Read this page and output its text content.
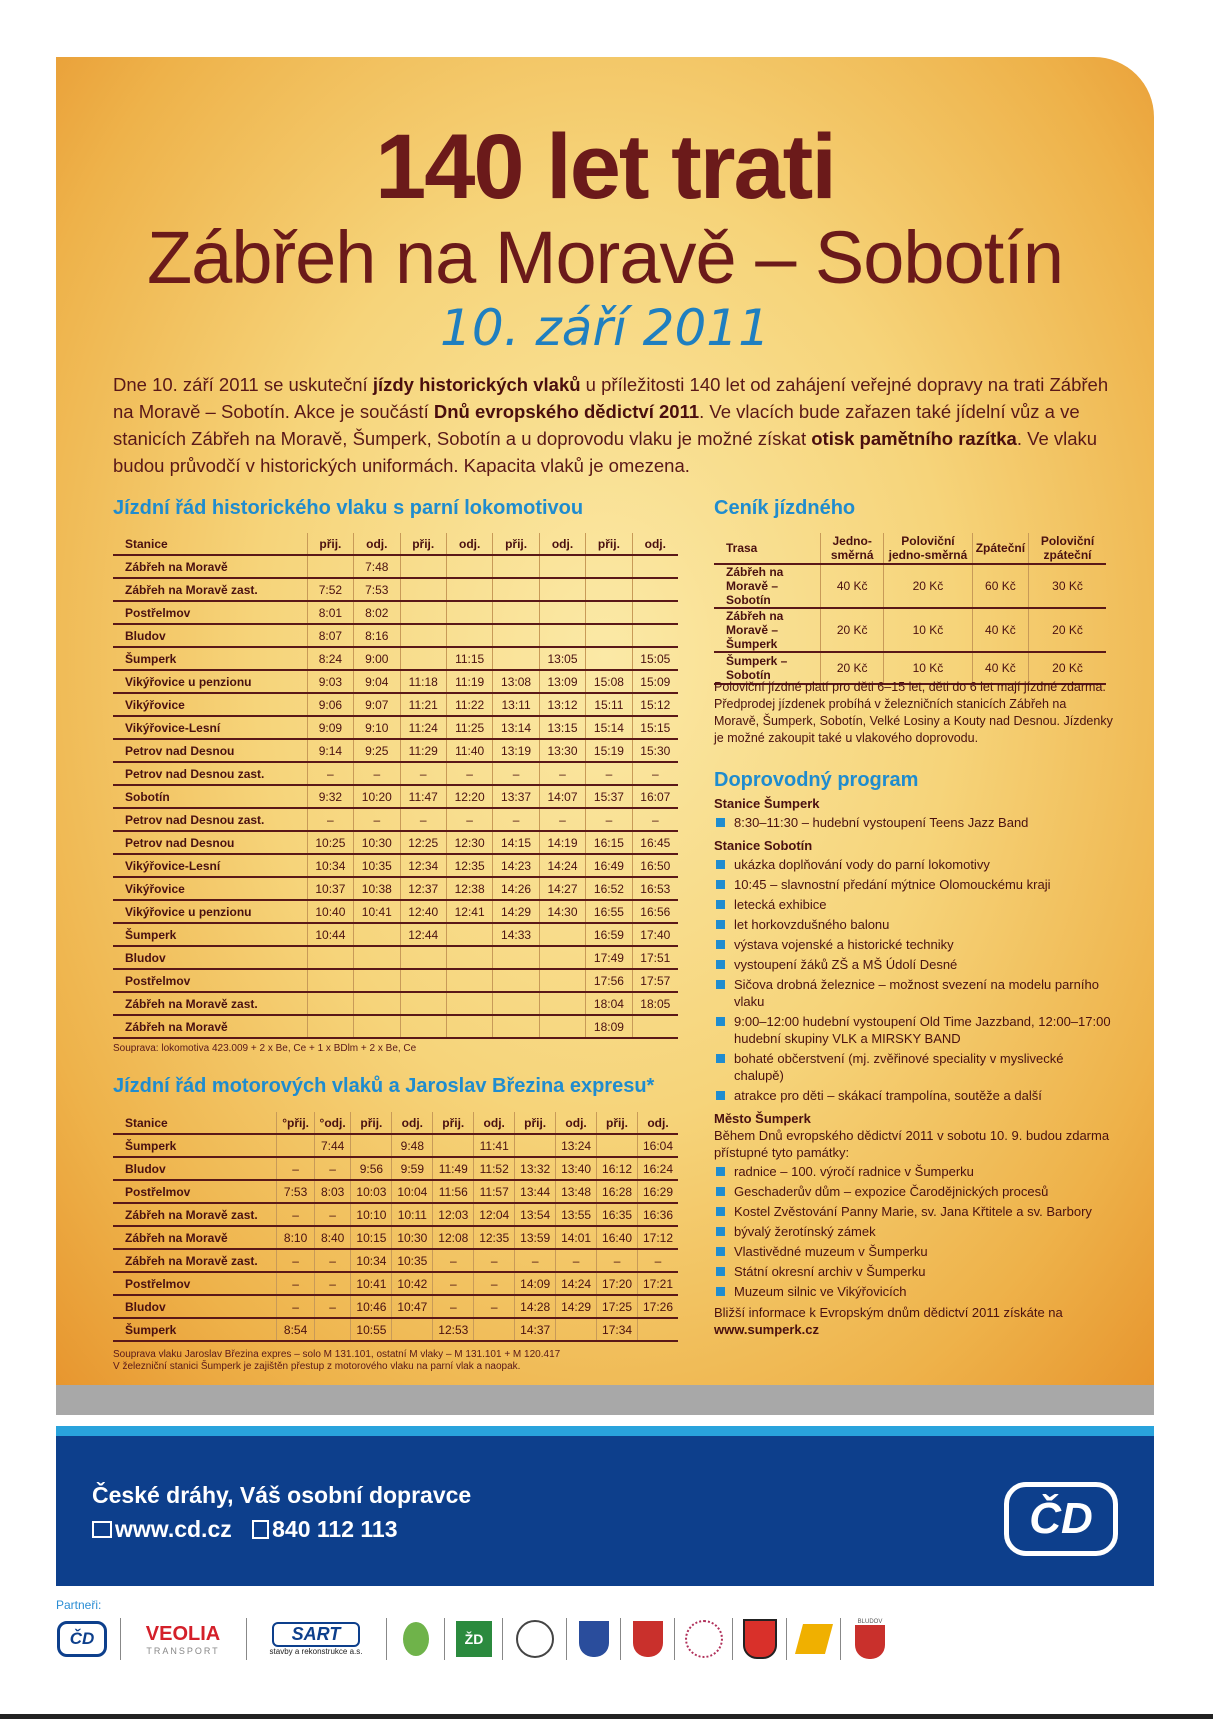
140 let trati
Zábřeh na Moravě – Sobotín
10. září 2011
Dne 10. září 2011 se uskuteční jízdy historických vlaků u příležitosti 140 let od zahájení veřejné dopravy na trati Zábřeh na Moravě – Sobotín. Akce je součástí Dnů evropského dědictví 2011. Ve vlacích bude zařazen také jídelní vůz a ve stanicích Zábřeh na Moravě, Šumperk, Sobotín a u doprovodu vlaku je možné získat otisk pamětního razítka. Ve vlaku budou průvodčí v historických uniformách. Kapacita vlaků je omezena.
Jízdní řád historického vlaku s parní lokomotivou
Stanice	přij.	odj.	přij.	odj.	přij.	odj.	přij.	odj.
Zábřeh na Moravě		7:48						
Zábřeh na Moravě zast.	7:52	7:53						
Postřelmov	8:01	8:02						
Bludov	8:07	8:16						
Šumperk	8:24	9:00		11:15		13:05		15:05
Vikýřovice u penzionu	9:03	9:04	11:18	11:19	13:08	13:09	15:08	15:09
Vikýřovice	9:06	9:07	11:21	11:22	13:11	13:12	15:11	15:12
Vikýřovice-Lesní	9:09	9:10	11:24	11:25	13:14	13:15	15:14	15:15
Petrov nad Desnou	9:14	9:25	11:29	11:40	13:19	13:30	15:19	15:30
Petrov nad Desnou zast.	–	–	–	–	–	–	–	–
Sobotín	9:32	10:20	11:47	12:20	13:37	14:07	15:37	16:07
Petrov nad Desnou zast.	–	–	–	–	–	–	–	–
Petrov nad Desnou	10:25	10:30	12:25	12:30	14:15	14:19	16:15	16:45
Vikýřovice-Lesní	10:34	10:35	12:34	12:35	14:23	14:24	16:49	16:50
Vikýřovice	10:37	10:38	12:37	12:38	14:26	14:27	16:52	16:53
Vikýřovice u penzionu	10:40	10:41	12:40	12:41	14:29	14:30	16:55	16:56
Šumperk	10:44		12:44		14:33		16:59	17:40
Bludov							17:49	17:51
Postřelmov							17:56	17:57
Zábřeh na Moravě zast.							18:04	18:05
Zábřeh na Moravě							18:09	
Souprava: lokomotiva 423.009 + 2 x Be, Ce + 1 x BDlm + 2 x Be, Ce
Jízdní řád motorových vlaků a Jaroslav Březina expresu*
Stanice	°přij.	°odj.	přij.	odj.	přij.	odj.	přij.	odj.	přij.	odj.
Šumperk		7:44		9:48		11:41		13:24		16:04
Bludov	–	–	9:56	9:59	11:49	11:52	13:32	13:40	16:12	16:24
Postřelmov	7:53	8:03	10:03	10:04	11:56	11:57	13:44	13:48	16:28	16:29
Zábřeh na Moravě zast.	–	–	10:10	10:11	12:03	12:04	13:54	13:55	16:35	16:36
Zábřeh na Moravě	8:10	8:40	10:15	10:30	12:08	12:35	13:59	14:01	16:40	17:12
Zábřeh na Moravě zast.	–	–	10:34	10:35	–	–	–	–	–	–
Postřelmov	–	–	10:41	10:42	–	–	14:09	14:24	17:20	17:21
Bludov	–	–	10:46	10:47	–	–	14:28	14:29	17:25	17:26
Šumperk	8:54		10:55		12:53		14:37		17:34	
Souprava vlaku Jaroslav Březina expres – solo M 131.101, ostatní M vlaky – M 131.101 + M 120.417
V železniční stanici Šumperk je zajištěn přestup z motorového vlaku na parní vlak a naopak.
Ceník jízdného
Trasa	Jedno-směrná	Poloviční jedno-směrná	Zpáteční	Poloviční zpáteční
Zábřeh na Moravě – Sobotín	40 Kč	20 Kč	60 Kč	30 Kč
Zábřeh na Moravě – Šumperk	20 Kč	10 Kč	40 Kč	20 Kč
Šumperk – Sobotín	20 Kč	10 Kč	40 Kč	20 Kč
Poloviční jízdné platí pro děti 6–15 let, děti do 6 let mají jízdné zdarma. Předprodej jízdenek probíhá v železničních stanicích Zábřeh na Moravě, Šumperk, Sobotín, Velké Losiny a Kouty nad Desnou. Jízdenky je možné zakoupit také u vlakového doprovodu.
Doprovodný program
Stanice Šumperk
8:30–11:30 – hudební vystoupení Teens Jazz Band
Stanice Sobotín
ukázka doplňování vody do parní lokomotivy
10:45 – slavnostní předání mýtnice Olomouckému kraji
letecká exhibice
let horkovzdušného balonu
výstava vojenské a historické techniky
vystoupení žáků ZŠ a MŠ Údolí Desné
Sičova drobná železnice – možnost svezení na modelu parního vlaku
9:00–12:00 hudební vystoupení Old Time Jazzband, 12:00–17:00 hudební skupiny VLK a MIRSKY BAND
bohaté občerstvení (mj. zvěřinové speciality v myslivecké chalupě)
atrakce pro děti – skákací trampolína, soutěže a další
Město Šumperk
Během Dnů evropského dědictví 2011 v sobotu 10. 9. budou zdarma přístupné tyto památky:
radnice – 100. výročí radnice v Šumperku
Geschaderův dům – expozice Čarodějnických procesů
Kostel Zvěstování Panny Marie, sv. Jana Křtitele a sv. Barbory
bývalý žerotínský zámek
Vlastivědné muzeum v Šumperku
Státní okresní archiv v Šumperku
Muzeum silnic ve Vikýřovicích
Bližší informace k Evropským dnům dědictví 2011 získáte na www.sumperk.cz
České dráhy, Váš osobní dopravce
www.cd.cz 840 112 113	ČD
Partneři:
ČD	VEOLIA
TRANSPORT
SART
stavby a rekonstrukce a.s.
ŽD
BLUDOV
